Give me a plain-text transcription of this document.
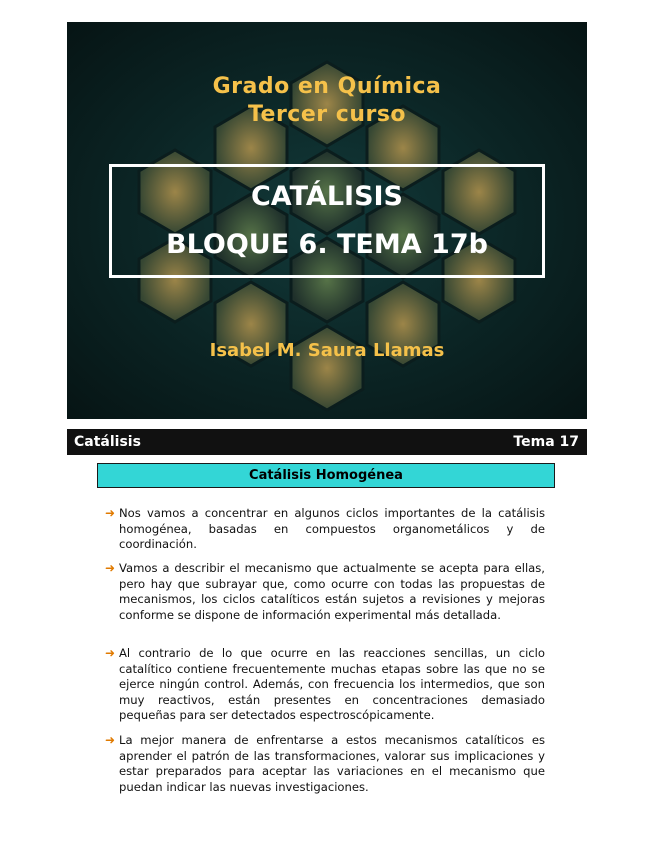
Grado en Química
Tercer curso
CATÁLISIS
BLOQUE 6. TEMA 17b
Isabel M. Saura Llamas
Catálisis	Tema 17
Catálisis Homogénea
➜ Nos vamos a concentrar en algunos ciclos importantes de la catálisis homogénea, basadas en compuestos organometálicos y de coordinación.
➜ Vamos a describir el mecanismo que actualmente se acepta para ellas, pero hay que subrayar que, como ocurre con todas las propuestas de mecanismos, los ciclos catalíticos están sujetos a revisiones y mejoras conforme se dispone de información experimental más detallada.
➜ Al contrario de lo que ocurre en las reacciones sencillas, un ciclo catalítico contiene frecuentemente muchas etapas sobre las que no se ejerce ningún control. Además, con frecuencia los intermedios, que son muy reactivos, están presentes en concentraciones demasiado pequeñas para ser detectados espectroscópicamente.
➜ La mejor manera de enfrentarse a estos mecanismos catalíticos es aprender el patrón de las transformaciones, valorar sus implicaciones y estar preparados para aceptar las variaciones en el mecanismo que puedan indicar las nuevas investigaciones.
